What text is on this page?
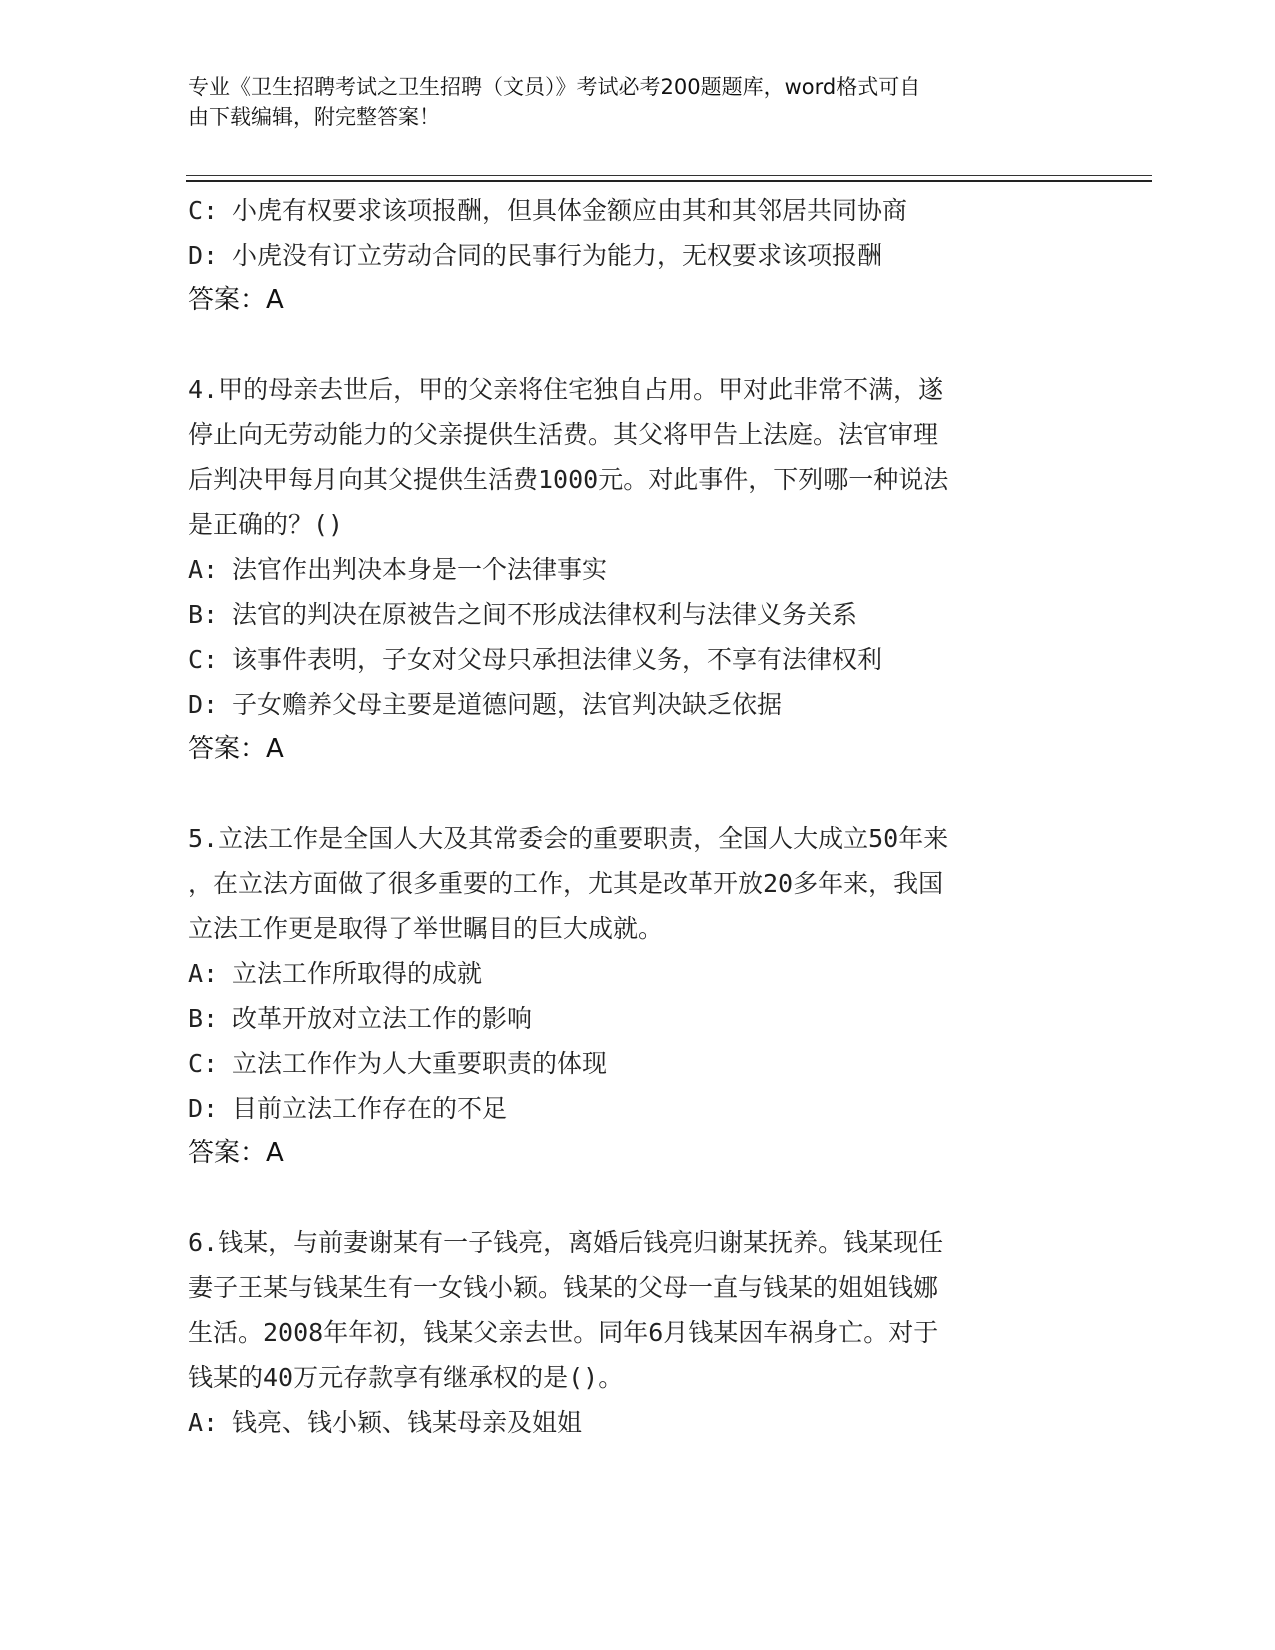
专业《卫生招聘考试之卫生招聘（文员）》考试必考200题题库，word格式可自
由下载编辑，附完整答案！
C: 小虎有权要求该项报酬，但具体金额应由其和其邻居共同协商
D: 小虎没有订立劳动合同的民事行为能力，无权要求该项报酬
答案：A
4.甲的母亲去世后，甲的父亲将住宅独自占用。甲对此非常不满，遂
停止向无劳动能力的父亲提供生活费。其父将甲告上法庭。法官审理
后判决甲每月向其父提供生活费1000元。对此事件，下列哪一种说法
是正确的？()
A: 法官作出判决本身是一个法律事实
B: 法官的判决在原被告之间不形成法律权利与法律义务关系
C: 该事件表明，子女对父母只承担法律义务，不享有法律权利
D: 子女赡养父母主要是道德问题，法官判决缺乏依据
答案：A
5.立法工作是全国人大及其常委会的重要职责，全国人大成立50年来
，在立法方面做了很多重要的工作，尤其是改革开放20多年来，我国
立法工作更是取得了举世瞩目的巨大成就。
A: 立法工作所取得的成就
B: 改革开放对立法工作的影响
C: 立法工作作为人大重要职责的体现
D: 目前立法工作存在的不足
答案：A
6.钱某，与前妻谢某有一子钱亮，离婚后钱亮归谢某抚养。钱某现任
妻子王某与钱某生有一女钱小颖。钱某的父母一直与钱某的姐姐钱娜
生活。2008年年初，钱某父亲去世。同年6月钱某因车祸身亡。对于
钱某的40万元存款享有继承权的是()。
A: 钱亮、钱小颖、钱某母亲及姐姐
